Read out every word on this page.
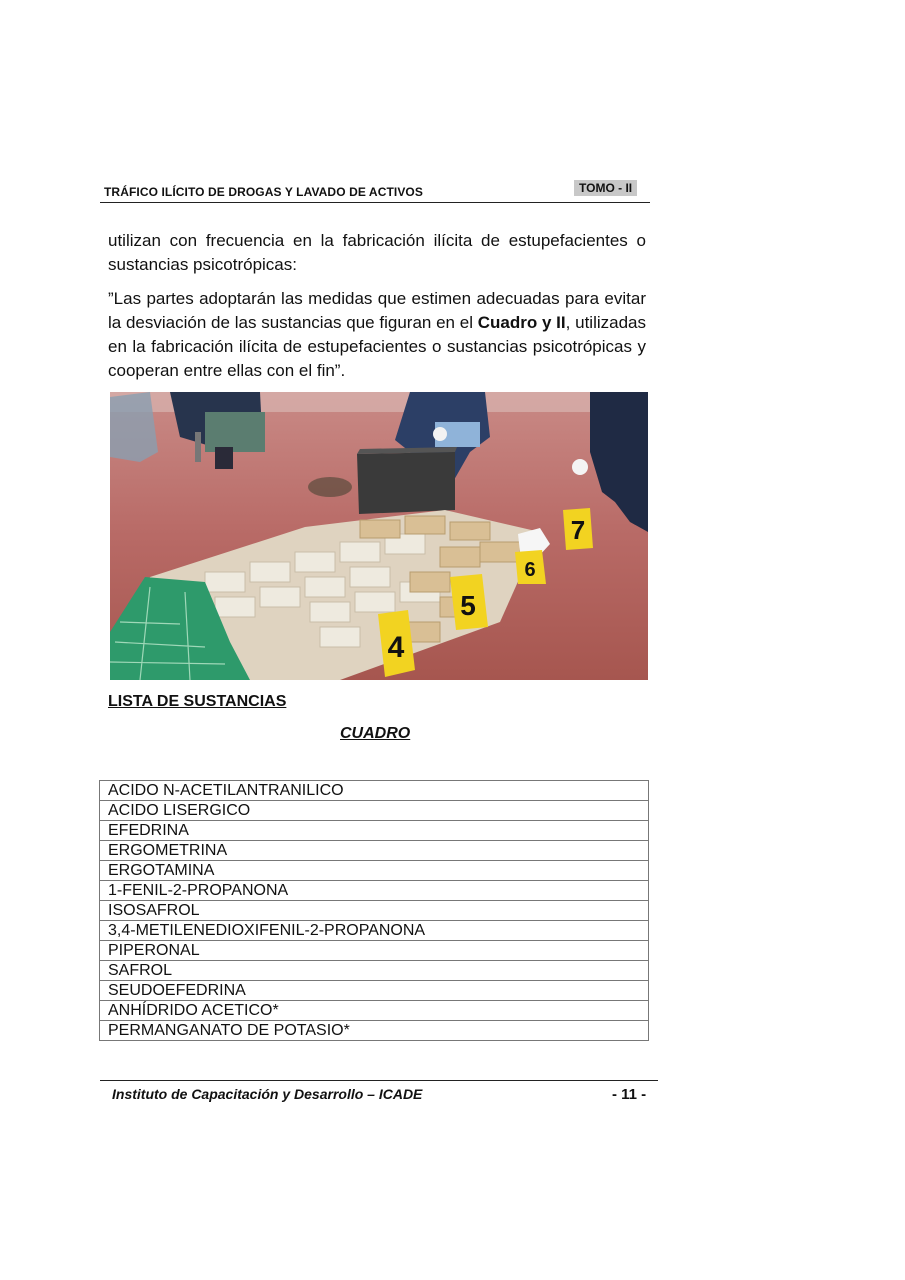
TRÁFICO ILÍCITO DE DROGAS Y LAVADO DE ACTIVOS	TOMO - II
utilizan con frecuencia en la fabricación ilícita de estupefacientes o sustancias psicotrópicas:
”Las partes adoptarán las medidas que estimen adecuadas para evitar la desviación de las sustancias que figuran en el Cuadro y II, utilizadas en la fabricación ilícita de estupefacientes o sustancias psicotrópicas y cooperan entre ellas con el fin”.
4
5
6
7
LISTA DE SUSTANCIAS
CUADRO
ACIDO N-ACETILANTRANILICO
ACIDO LISERGICO
EFEDRINA
ERGOMETRINA
ERGOTAMINA
1-FENIL-2-PROPANONA
ISOSAFROL
3,4-METILENEDIOXIFENIL-2-PROPANONA
PIPERONAL
SAFROL
SEUDOEFEDRINA
ANHÍDRIDO ACETICO*
PERMANGANATO DE POTASIO*
Instituto de Capacitación y Desarrollo – ICADE	- 11 -
